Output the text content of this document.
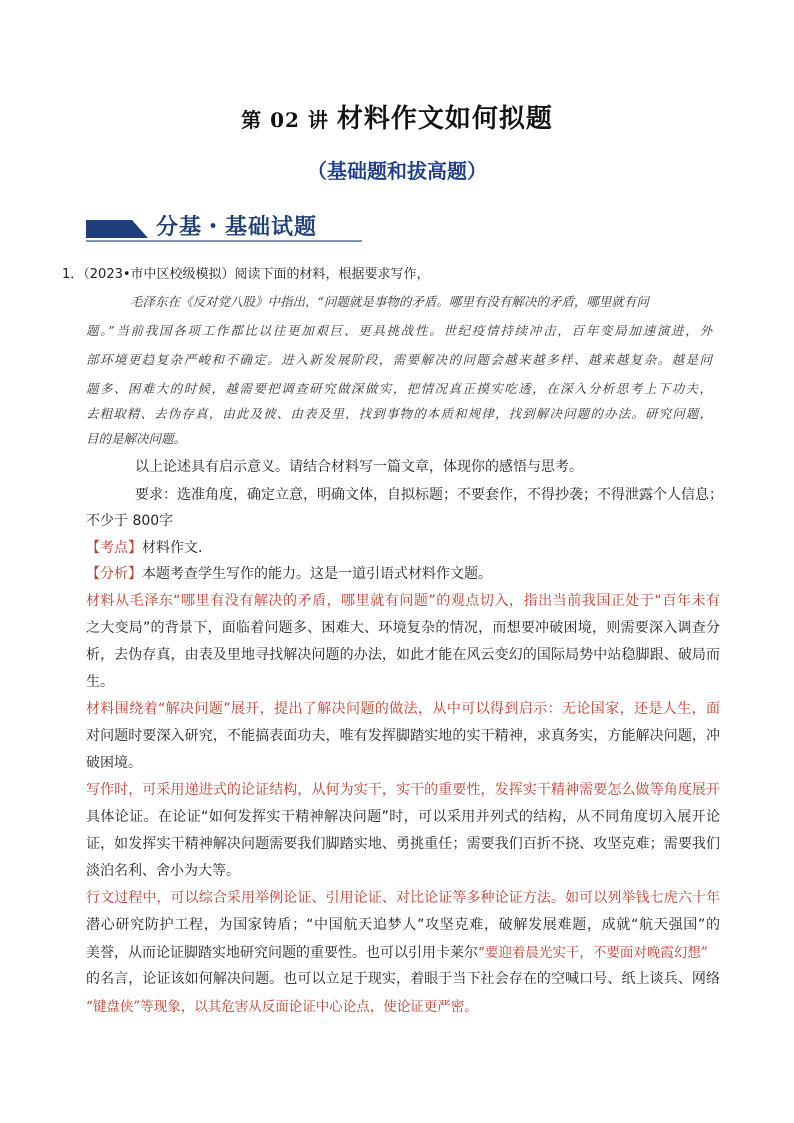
第 02 讲 材料作文如何拟题
（基础题和拔高题）
分基・基础试题
1．（2023•市中区校级模拟）阅读下面的材料，根据要求写作，
毛泽东在《反对党八股》中指出，“问题就是事物的矛盾。哪里有没有解决的矛盾，哪里就有问
题。”当前我国各项工作都比以往更加艰巨、更具挑战性。世纪疫情持续冲击，百年变局加速演进，外
部环境更趋复杂严峻和不确定。进入新发展阶段，需要解决的问题会越来越多样、越来越复杂。越是问
题多、困难大的时候，越需要把调查研究做深做实，把情况真正摸实吃透，在深入分析思考上下功夫，
去粗取精、去伪存真，由此及彼、由表及里，找到事物的本质和规律，找到解决问题的办法。研究问题，
目的是解决问题。
以上论述具有启示意义。请结合材料写一篇文章，体现你的感悟与思考。
要求：选准角度，确定立意，明确文体，自拟标题；不要套作，不得抄袭；不得泄露个人信息；
不少于 800字
【考点】材料作文.
【分析】本题考查学生写作的能力。这是一道引语式材料作文题。
材料从毛泽东“哪里有没有解决的矛盾，哪里就有问题”的观点切入，指出当前我国正处于“百年未有
之大变局”的背景下，面临着问题多、困难大、环境复杂的情况，而想要冲破困境，则需要深入调查分
析，去伪存真，由表及里地寻找解决问题的办法，如此才能在风云变幻的国际局势中站稳脚跟、破局而
生。
材料围绕着“解决问题”展开，提出了解决问题的做法，从中可以得到启示：无论国家，还是人生，面
对问题时要深入研究，不能搞表面功夫，唯有发挥脚踏实地的实干精神，求真务实，方能解决问题，冲
破困境。
写作时，可采用递进式的论证结构，从何为实干，实干的重要性，发挥实干精神需要怎么做等角度展开
具体论证。在论证“如何发挥实干精神解决问题”时，可以采用并列式的结构，从不同角度切入展开论
证，如发挥实干精神解决问题需要我们脚踏实地、勇挑重任；需要我们百折不挠、攻坚克难；需要我们
淡泊名利、舍小为大等。
行文过程中，可以综合采用举例论证、引用论证、对比论证等多种论证方法。如可以列举钱七虎六十年
潜心研究防护工程，为国家铸盾；“中国航天追梦人”攻坚克难，破解发展难题，成就“航天强国”的
美誉，从而论证脚踏实地研究问题的重要性。也可以引用卡莱尔“要迎着晨光实干，不要面对晚霞幻想”
的名言，论证该如何解决问题。也可以立足于现实，着眼于当下社会存在的空喊口号、纸上谈兵、网络
“键盘侠”等现象，以其危害从反面论证中心论点，使论证更严密。
